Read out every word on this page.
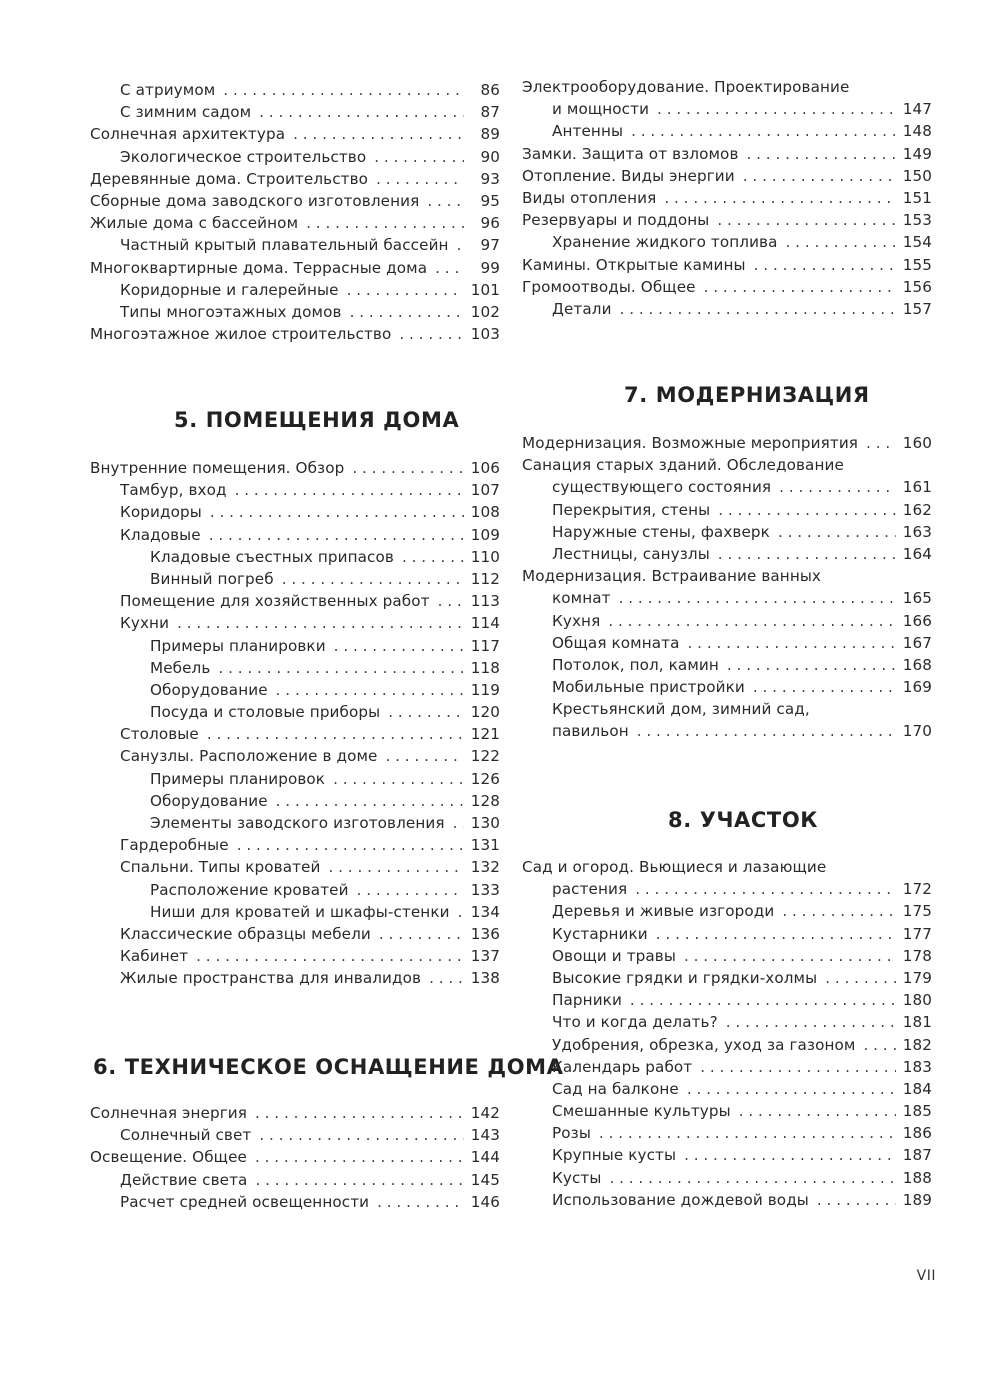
С атриумом . . .	86
С зимним садом . . .	87
Солнечная архитектура . . .	89
Экологическое строительство . . .	90
Деревянные дома. Строительство . . .	93
Сборные дома заводского изготовления . . .	95
Жилые дома с бассейном . . .	96
Частный крытый плавательный бассейн . . .	97
Многоквартирные дома. Террасные дома . . .	99
Коридорные и галерейные . . .	101
Типы многоэтажных домов . . .	102
Многоэтажное жилое строительство . . .	103
5. ПОМЕЩЕНИЯ ДОМА
Внутренние помещения. Обзор . . .	106
Тамбур, вход . . .	107
Коридоры . . .	108
Кладовые . . .	109
Кладовые съестных припасов . . .	110
Винный погреб . . .	112
Помещение для хозяйственных работ . . .	113
Кухни . . .	114
Примеры планировки . . .	117
Мебель . . .	118
Оборудование . . .	119
Посуда и столовые приборы . . .	120
Столовые . . .	121
Санузлы. Расположение в доме . . .	122
Примеры планировок . . .	126
Оборудование . . .	128
Элементы заводского изготовления . . . 130
Гардеробные . . .	131
Спальни. Типы кроватей . . .	132
Расположение кроватей . . .	133
Ниши для кроватей и шкафы-стенки . . . 134
Классические образцы мебели . . .	136
Кабинет . . .	137
Жилые пространства для инвалидов . . .	138
6. ТЕХНИЧЕСКОЕ ОСНАЩЕНИЕ ДОМА
Солнечная энергия . . .	142
Солнечный свет . . .	143
Освещение. Общее . . .	144
Действие света . . .	145
Расчет средней освещенности . . .	146
Электрооборудование. Проектирование
и мощности . . .	147
Антенны . . .	148
Замки. Защита от взломов . . .	149
Отопление. Виды энергии . . .	150
Виды отопления . . .	151
Резервуары и поддоны . . .	153
Хранение жидкого топлива . . .	154
Камины. Открытые камины . . .	155
Громоотводы. Общее . . .	156
Детали . . .	157
7. МОДЕРНИЗАЦИЯ
Модернизация. Возможные мероприятия . . .	160
Санация старых зданий. Обследование
существующего состояния . . .	161
Перекрытия, стены . . .	162
Наружные стены, фахверк . . .	163
Лестницы, санузлы . . .	164
Модернизация. Встраивание ванных
комнат . . .	165
Кухня . . .	166
Общая комната . . .	167
Потолок, пол, камин . . .	168
Мобильные пристройки . . .	169
Крестьянский дом, зимний сад,
павильон . . .	170
8. УЧАСТОК
Сад и огород. Вьющиеся и лазающие
растения . . .	172
Деревья и живые изгороди . . .	175
Кустарники . . .	177
Овощи и травы . . .	178
Высокие грядки и грядки-холмы . . .	179
Парники . . .	180
Что и когда делать? . . .	181
Удобрения, обрезка, уход за газоном . . .	182
Календарь работ . . .	183
Сад на балконе . . .	184
Смешанные культуры . . .	185
Розы . . .	186
Крупные кусты . . .	187
Кусты . . .	188
Использование дождевой воды . . .	189
VII
